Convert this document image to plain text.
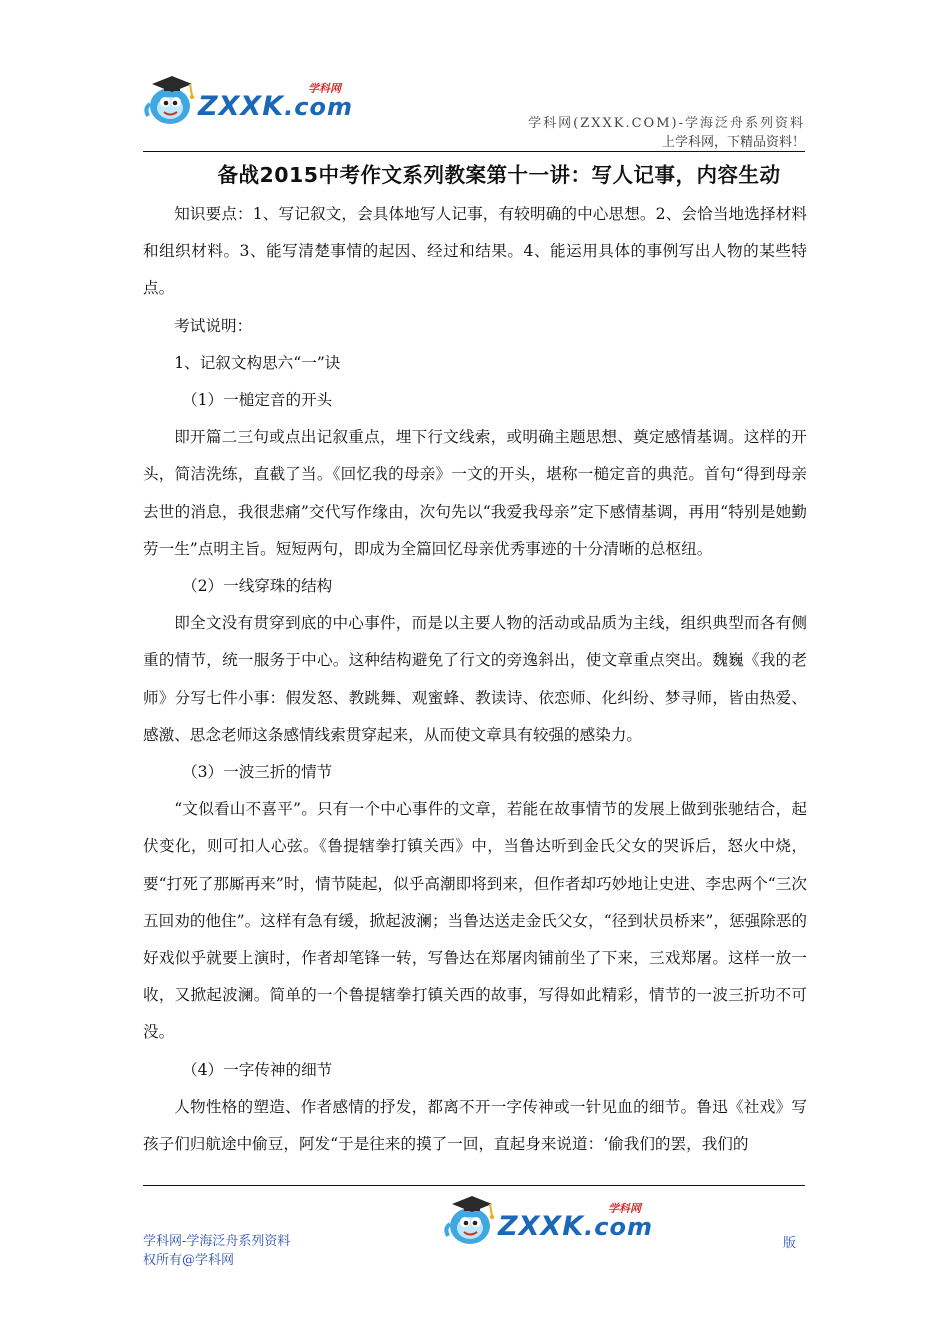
ZXXK.com
学科网
学科网(ZXXK.COM)-学海泛舟系列资料
上学科网，下精品资料！
备战2015中考作文系列教案第十一讲：写人记事，内容生动

知识要点：1、写记叙文，会具体地写人记事，有较明确的中心思想。2、会恰当地选择材料和组织材料。3、能写清楚事情的起因、经过和结果。4、能运用具体的事例写出人物的某些特点。

考试说明：

1、记叙文构思六“一”诀

（1）一槌定音的开头

即开篇二三句或点出记叙重点，埋下行文线索，或明确主题思想、奠定感情基调。这样的开头，简洁洗练，直截了当。《回忆我的母亲》一文的开头，堪称一槌定音的典范。首句“得到母亲去世的消息，我很悲痛”交代写作缘由，次句先以“我爱我母亲”定下感情基调，再用“特别是她勤劳一生”点明主旨。短短两句，即成为全篇回忆母亲优秀事迹的十分清晰的总枢纽。

（2）一线穿珠的结构

即全文没有贯穿到底的中心事件，而是以主要人物的活动或品质为主线，组织典型而各有侧重的情节，统一服务于中心。这种结构避免了行文的旁逸斜出，使文章重点突出。魏巍《我的老师》分写七件小事：假发怒、教跳舞、观蜜蜂、教读诗、依恋师、化纠纷、梦寻师，皆由热爱、感激、思念老师这条感情线索贯穿起来，从而使文章具有较强的感染力。

（3）一波三折的情节

“文似看山不喜平”。只有一个中心事件的文章，若能在故事情节的发展上做到张驰结合，起伏变化，则可扣人心弦。《鲁提辖拳打镇关西》中，当鲁达听到金氏父女的哭诉后，怒火中烧，要“打死了那厮再来”时，情节陡起，似乎高潮即将到来，但作者却巧妙地让史进、李忠两个“三次五回劝的他住”。这样有急有缓，掀起波澜；当鲁达送走金氏父女，“径到状员桥来”，惩强除恶的好戏似乎就要上演时，作者却笔锋一转，写鲁达在郑屠肉铺前坐了下来，三戏郑屠。这样一放一收，又掀起波澜。简单的一个鲁提辖拳打镇关西的故事，写得如此精彩，情节的一波三折功不可没。

（4）一字传神的细节

人物性格的塑造、作者感情的抒发，都离不开一字传神或一针见血的细节。鲁迅《社戏》写孩子们归航途中偷豆，阿发“于是往来的摸了一回，直起身来说道：‘偷我们的罢，我们的

ZXXK.com
学科网
学科网-学海泛舟系列资料
权所有@学科网
版
